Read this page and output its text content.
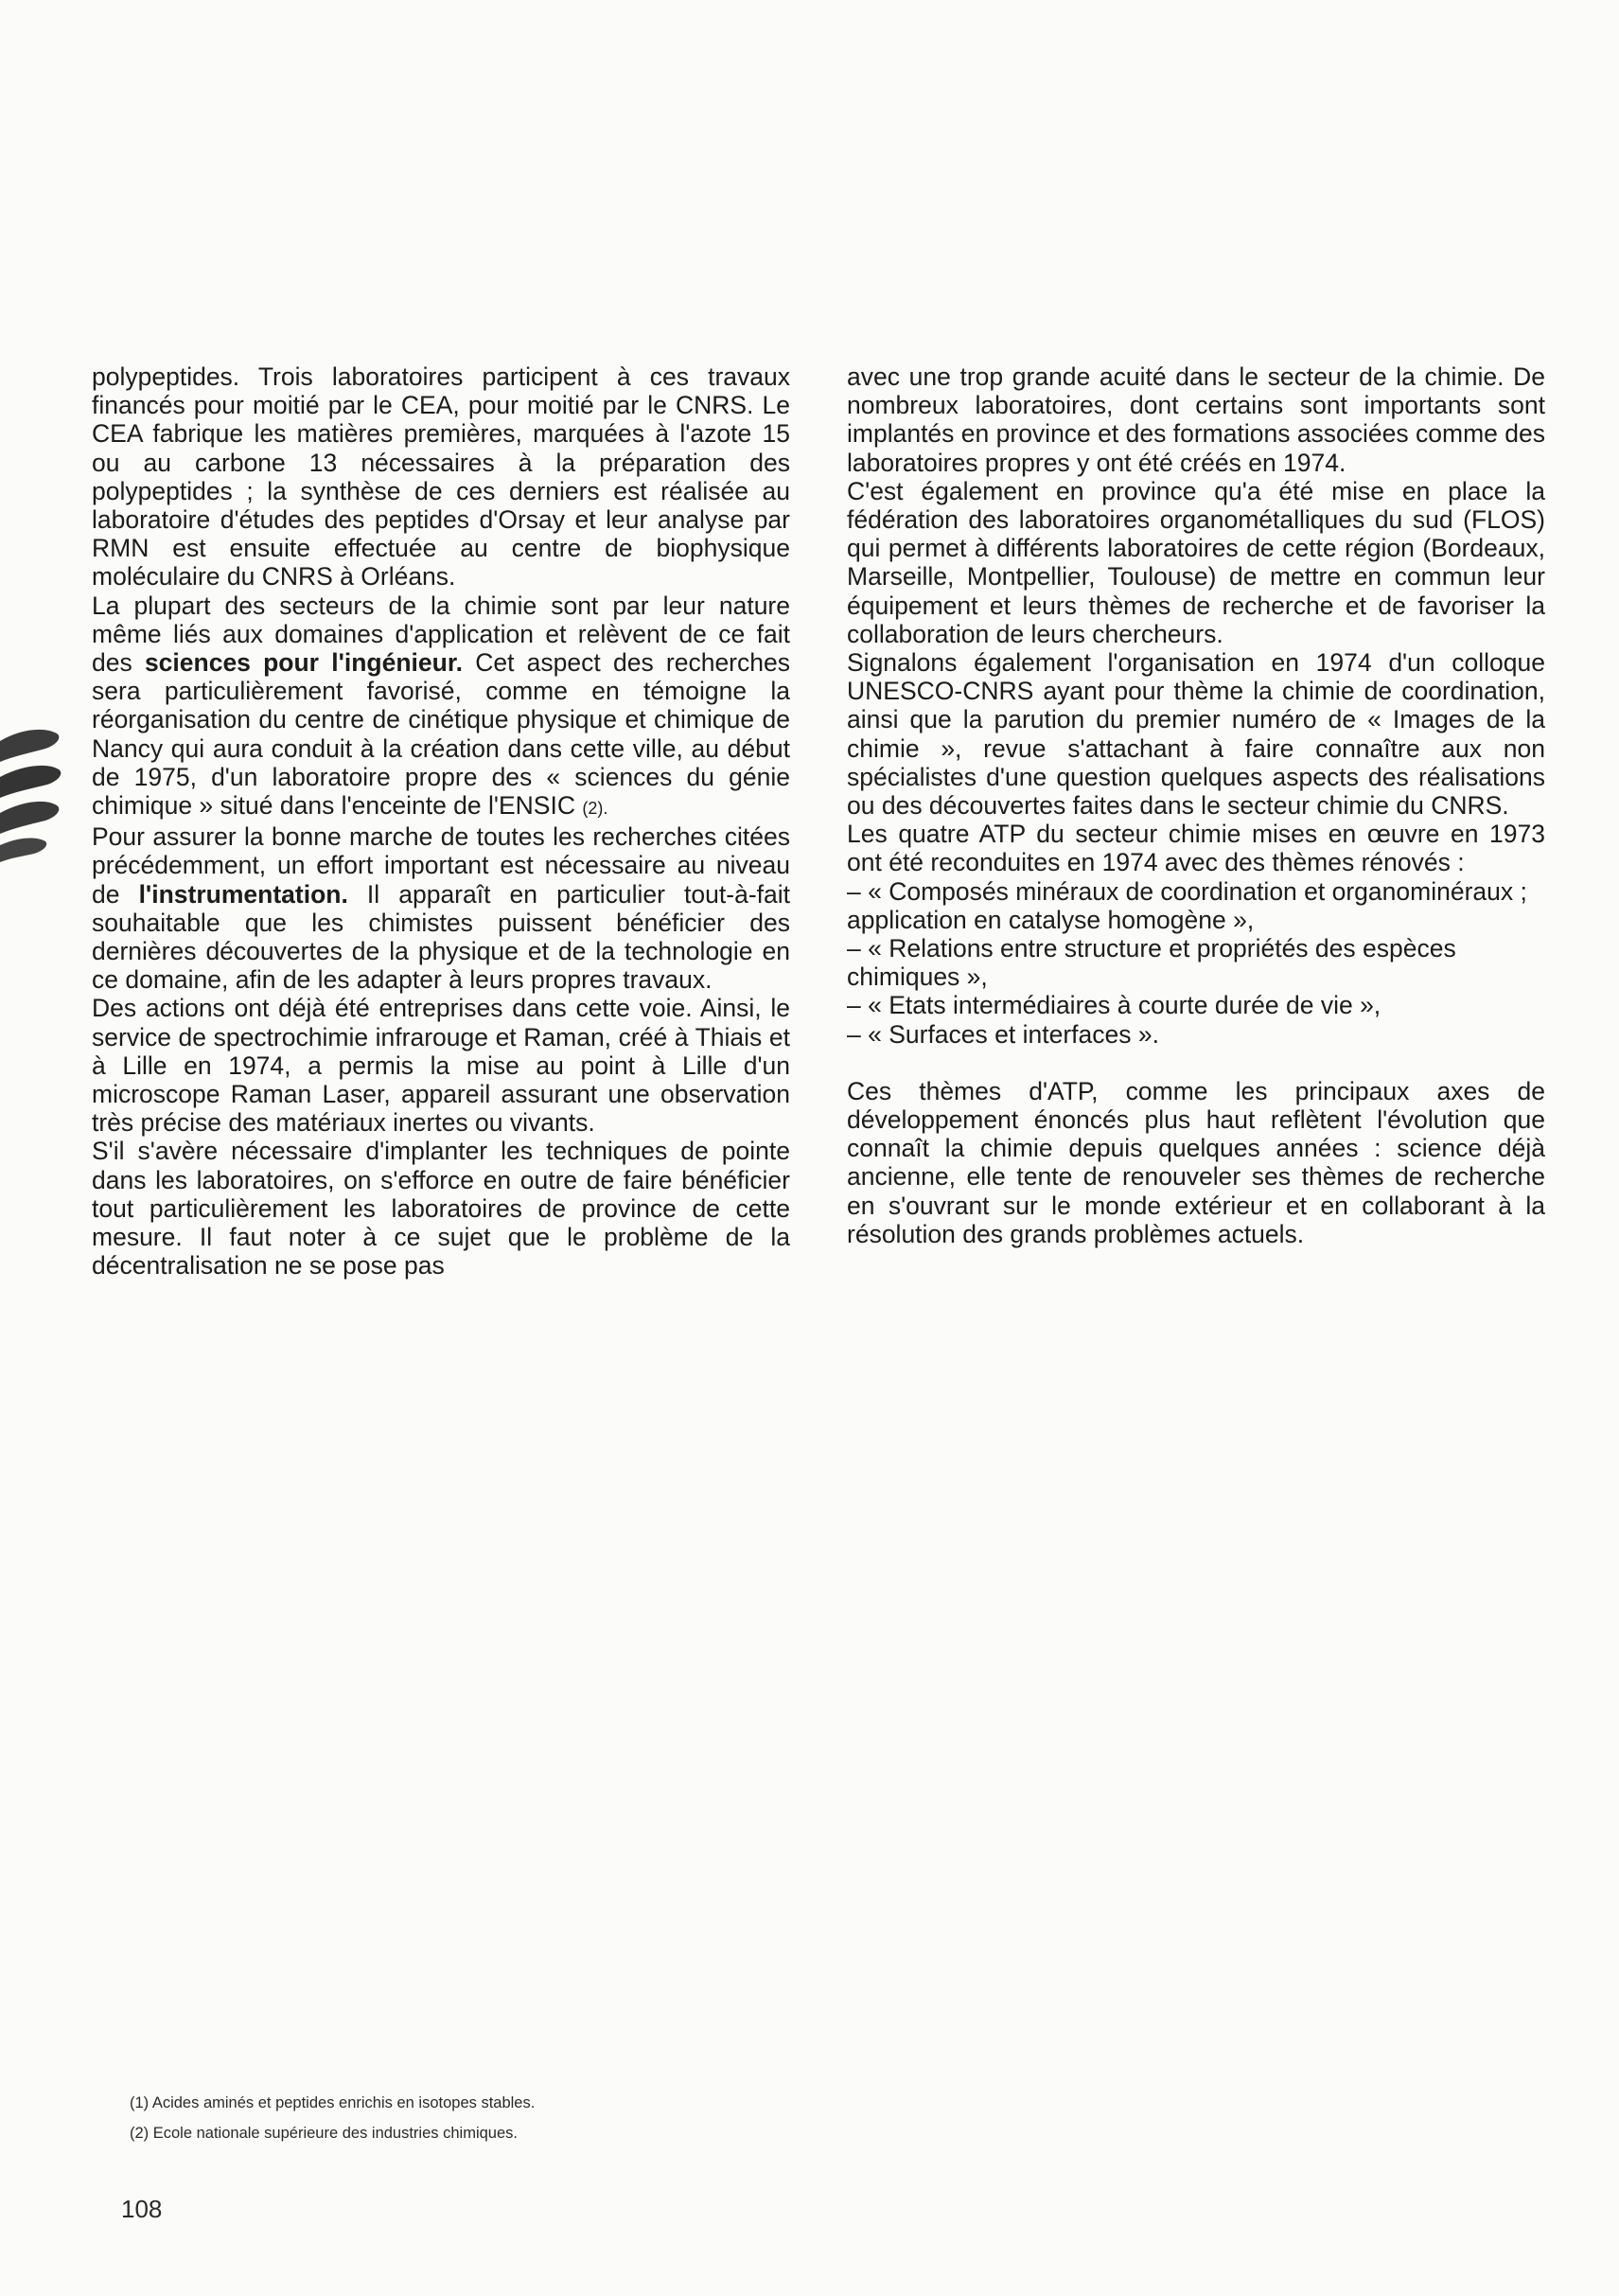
polypeptides. Trois laboratoires participent à ces travaux financés pour moitié par le CEA, pour moitié par le CNRS. Le CEA fabrique les matières premières, marquées à l'azote 15 ou au carbone 13 nécessaires à la préparation des polypeptides ; la synthèse de ces derniers est réalisée au laboratoire d'études des peptides d'Orsay et leur analyse par RMN est ensuite effectuée au centre de biophysique moléculaire du CNRS à Orléans.

La plupart des secteurs de la chimie sont par leur nature même liés aux domaines d'application et relèvent de ce fait des sciences pour l'ingénieur. Cet aspect des recherches sera particulièrement favorisé, comme en témoigne la réorganisation du centre de cinétique physique et chimique de Nancy qui aura conduit à la création dans cette ville, au début de 1975, d'un laboratoire propre des « sciences du génie chimique » situé dans l'enceinte de l'ENSIC (2).

Pour assurer la bonne marche de toutes les recherches citées précédemment, un effort important est nécessaire au niveau de l'instrumentation. Il apparaît en particulier tout-à-fait souhaitable que les chimistes puissent bénéficier des dernières découvertes de la physique et de la technologie en ce domaine, afin de les adapter à leurs propres travaux.

Des actions ont déjà été entreprises dans cette voie. Ainsi, le service de spectrochimie infrarouge et Raman, créé à Thiais et à Lille en 1974, a permis la mise au point à Lille d'un microscope Raman Laser, appareil assurant une observation très précise des matériaux inertes ou vivants.

S'il s'avère nécessaire d'implanter les techniques de pointe dans les laboratoires, on s'efforce en outre de faire bénéficier tout particulièrement les laboratoires de province de cette mesure. Il faut noter à ce sujet que le problème de la décentralisation ne se pose pas

avec une trop grande acuité dans le secteur de la chimie. De nombreux laboratoires, dont certains sont importants sont implantés en province et des formations associées comme des laboratoires propres y ont été créés en 1974.

C'est également en province qu'a été mise en place la fédération des laboratoires organométalliques du sud (FLOS) qui permet à différents laboratoires de cette région (Bordeaux, Marseille, Montpellier, Toulouse) de mettre en commun leur équipement et leurs thèmes de recherche et de favoriser la collaboration de leurs chercheurs.

Signalons également l'organisation en 1974 d'un colloque UNESCO-CNRS ayant pour thème la chimie de coordination, ainsi que la parution du premier numéro de « Images de la chimie », revue s'attachant à faire connaître aux non spécialistes d'une question quelques aspects des réalisations ou des découvertes faites dans le secteur chimie du CNRS.

Les quatre ATP du secteur chimie mises en œuvre en 1973 ont été reconduites en 1974 avec des thèmes rénovés :

– « Composés minéraux de coordination et organominéraux ; application en catalyse homogène »,
– « Relations entre structure et propriétés des espèces chimiques »,
– « Etats intermédiaires à courte durée de vie »,
– « Surfaces et interfaces ».

Ces thèmes d'ATP, comme les principaux axes de développement énoncés plus haut reflètent l'évolution que connaît la chimie depuis quelques années : science déjà ancienne, elle tente de renouveler ses thèmes de recherche en s'ouvrant sur le monde extérieur et en collaborant à la résolution des grands problèmes actuels.

(1) Acides aminés et peptides enrichis en isotopes stables.
(2) Ecole nationale supérieure des industries chimiques.
108
